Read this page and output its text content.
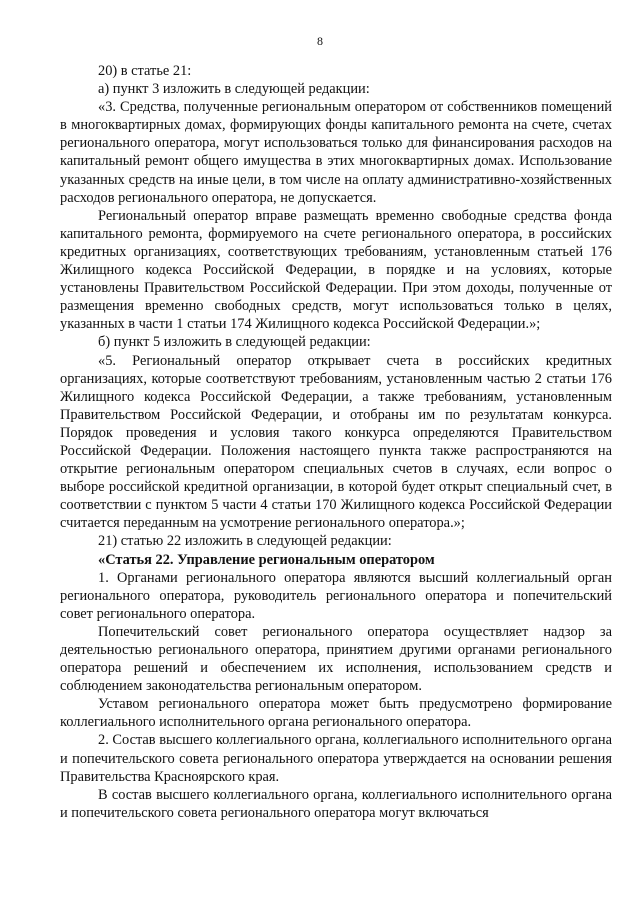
8

20) в статье 21:

а) пункт 3 изложить в следующей редакции:

«3. Средства, полученные региональным оператором от собственников помещений в многоквартирных домах, формирующих фонды капитального ремонта на счете, счетах регионального оператора, могут использоваться только для финансирования расходов на капитальный ремонт общего имущества в этих многоквартирных домах. Использование указанных средств на иные цели, в том числе на оплату административно-хозяйственных расходов регионального оператора, не допускается.

Региональный оператор вправе размещать временно свободные средства фонда капитального ремонта, формируемого на счете регионального оператора, в российских кредитных организациях, соответствующих требованиям, установленным статьей 176 Жилищного кодекса Российской Федерации, в порядке и на условиях, которые установлены Правительством Российской Федерации. При этом доходы, полученные от размещения временно свободных средств, могут использоваться только в целях, указанных в части 1 статьи 174 Жилищного кодекса Российской Федерации.»;

б) пункт 5 изложить в следующей редакции:

«5. Региональный оператор открывает счета в российских кредитных организациях, которые соответствуют требованиям, установленным частью 2 статьи 176 Жилищного кодекса Российской Федерации, а также требованиям, установленным Правительством Российской Федерации, и отобраны им по результатам конкурса. Порядок проведения и условия такого конкурса определяются Правительством Российской Федерации. Положения настоящего пункта также распространяются на открытие региональным оператором специальных счетов в случаях, если вопрос о выборе российской кредитной организации, в которой будет открыт специальный счет, в соответствии с пунктом 5 части 4 статьи 170 Жилищного кодекса Российской Федерации считается переданным на усмотрение регионального оператора.»;

21) статью 22 изложить в следующей редакции:

«Статья 22. Управление региональным оператором

1. Органами регионального оператора являются высший коллегиальный орган регионального оператора, руководитель регионального оператора и попечительский совет регионального оператора.

Попечительский совет регионального оператора осуществляет надзор за деятельностью регионального оператора, принятием другими органами регионального оператора решений и обеспечением их исполнения, использованием средств и соблюдением законодательства региональным оператором.

Уставом регионального оператора может быть предусмотрено формирование коллегиального исполнительного органа регионального оператора.

2. Состав высшего коллегиального органа, коллегиального исполнительного органа и попечительского совета регионального оператора утверждается на основании решения Правительства Красноярского края.

В состав высшего коллегиального органа, коллегиального исполнительного органа и попечительского совета регионального оператора могут включаться
